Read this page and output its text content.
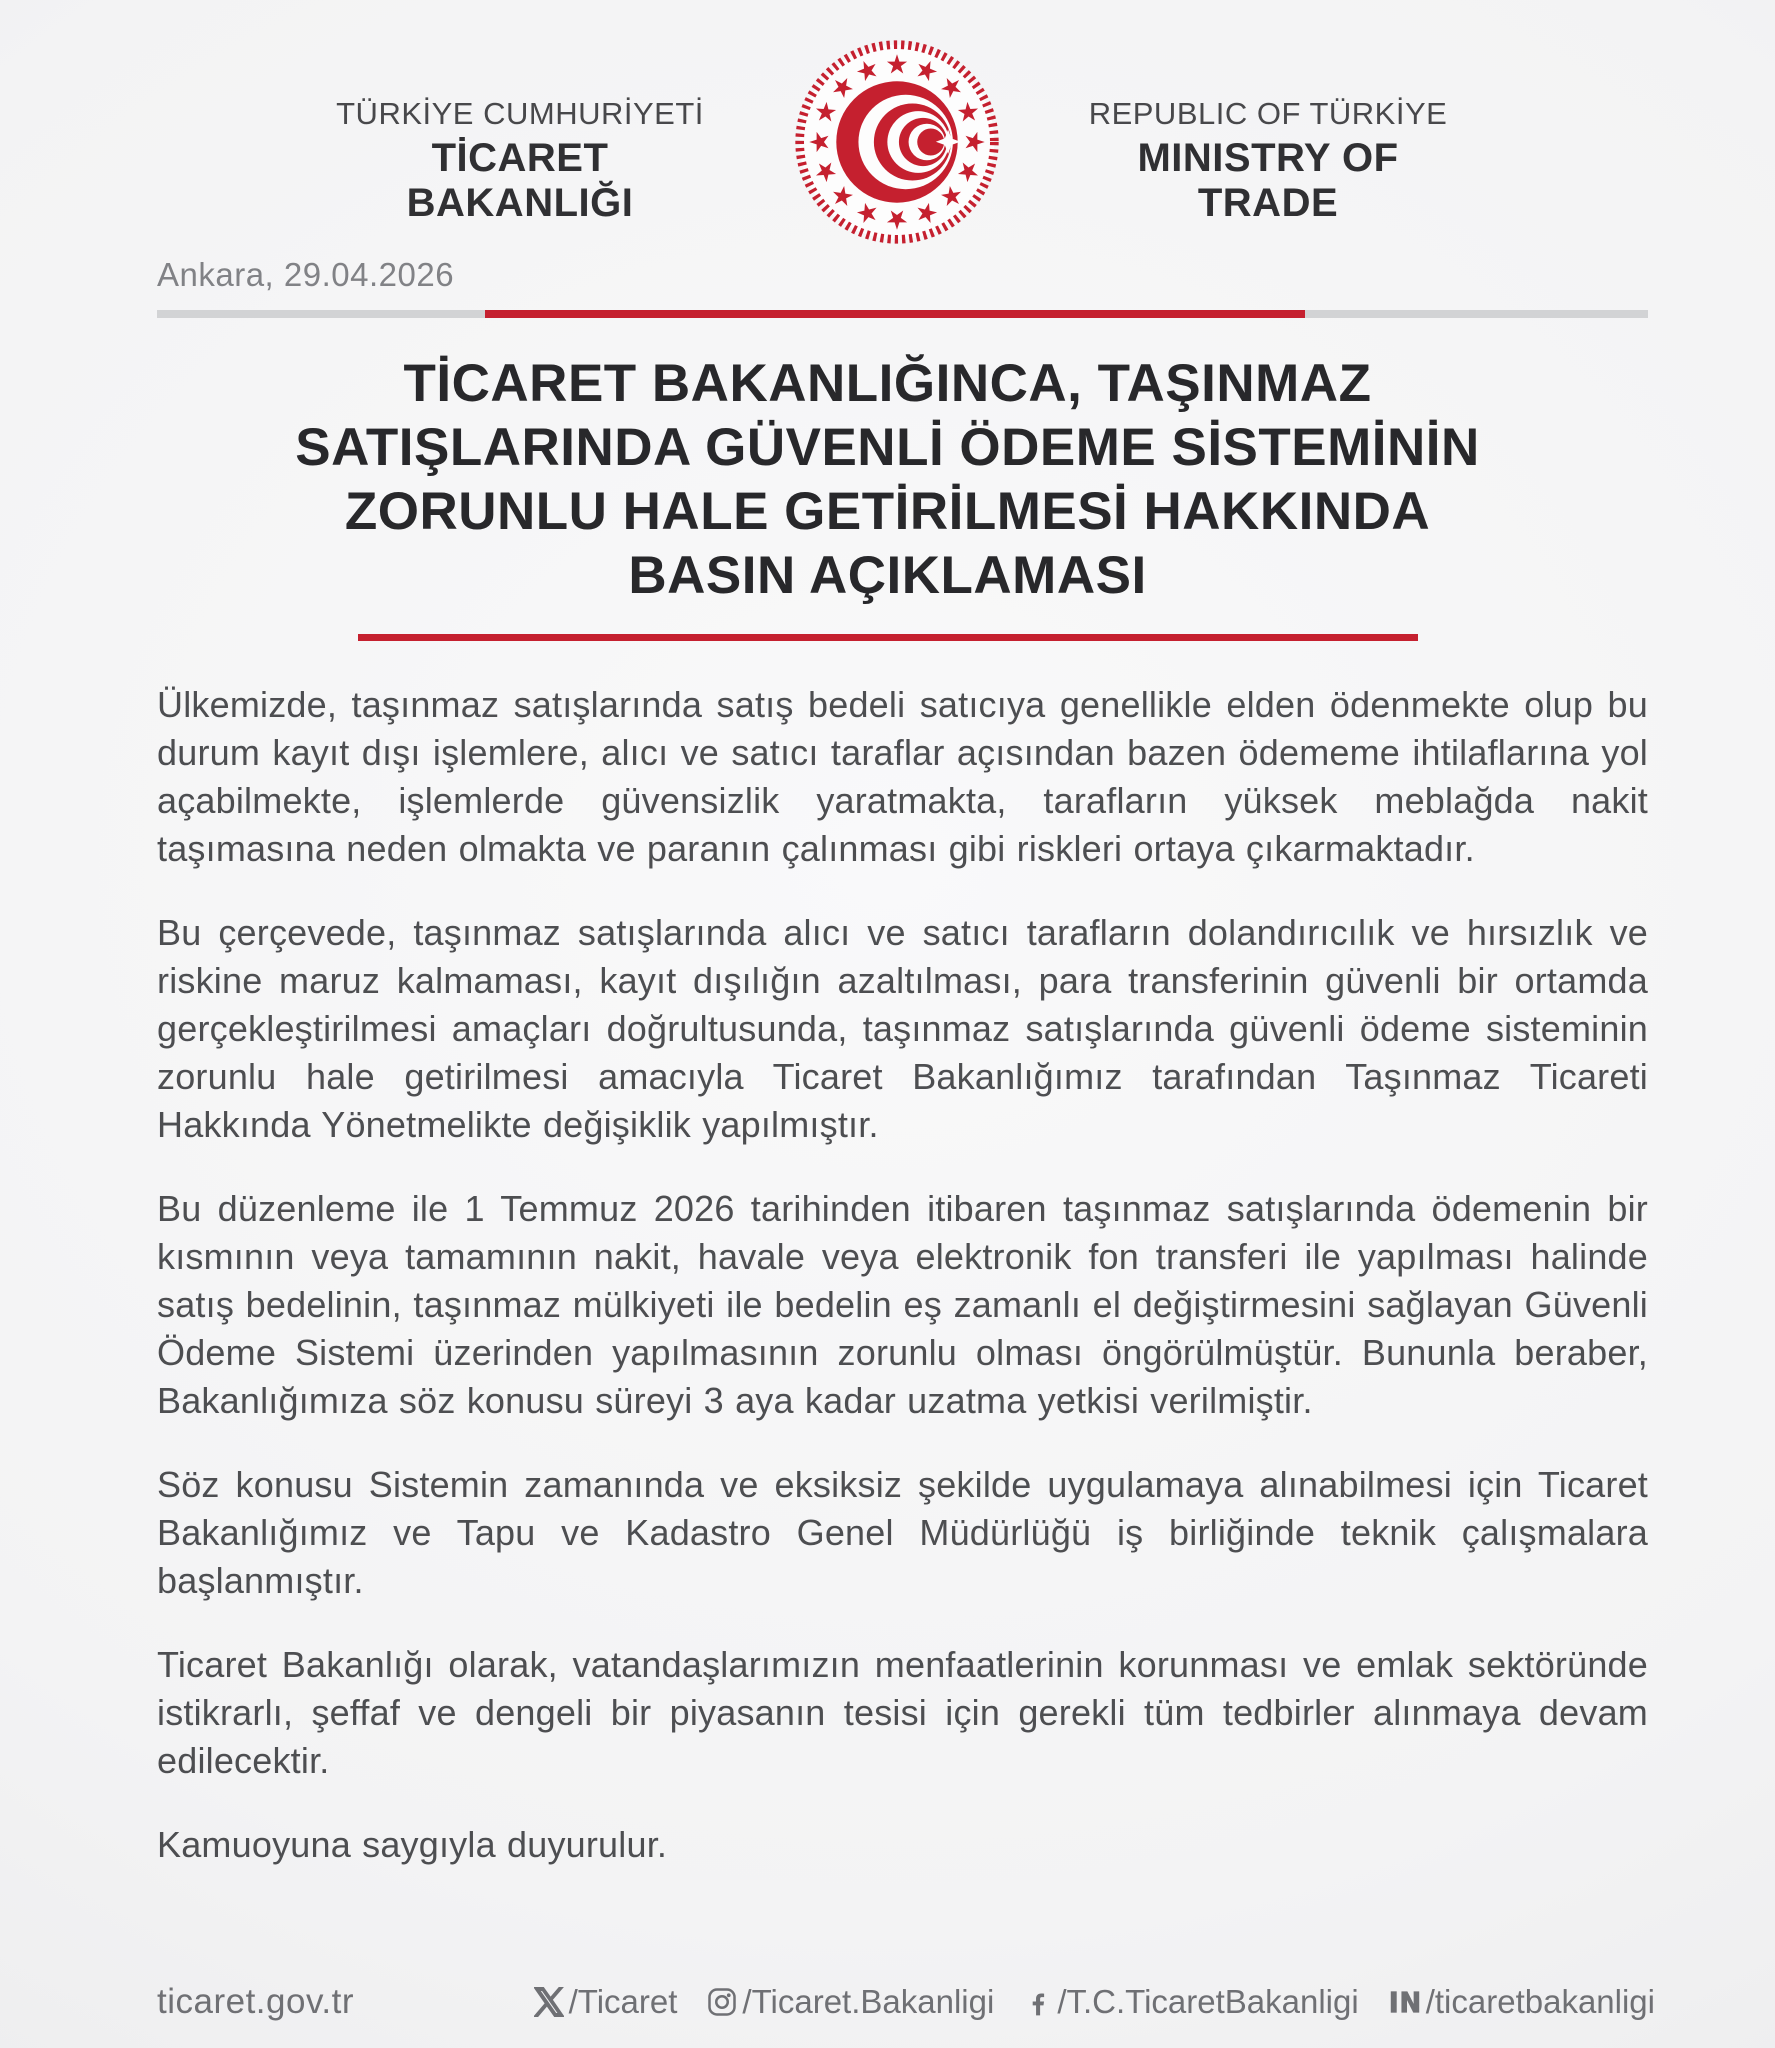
TÜRKİYE CUMHURİYETİ
TİCARET BAKANLIĞI
REPUBLIC OF TÜRKİYE
MINISTRY OF TRADE
Ankara, 29.04.2026
TİCARET BAKANLIĞINCA, TAŞINMAZ
SATIŞLARINDA GÜVENLİ ÖDEME SİSTEMİNİN
ZORUNLU HALE GETİRİLMESİ HAKKINDA
BASIN AÇIKLAMASI

Ülkemizde, taşınmaz satışlarında satış bedeli satıcıya genellikle elden ödenmekte olup bu durum kayıt dışı işlemlere, alıcı ve satıcı taraflar açısından bazen ödememe ihtilaflarına yol açabilmekte, işlemlerde güvensizlik yaratmakta, tarafların yüksek meblağda nakit taşımasına neden olmakta ve paranın çalınması gibi riskleri ortaya çıkarmaktadır.

Bu çerçevede, taşınmaz satışlarında alıcı ve satıcı tarafların dolandırıcılık ve hırsızlık ve riskine maruz kalmaması, kayıt dışılığın azaltılması, para transferinin güvenli bir ortamda gerçekleştirilmesi amaçları doğrultusunda, taşınmaz satışlarında güvenli ödeme sisteminin zorunlu hale getirilmesi amacıyla Ticaret Bakanlığımız tarafından Taşınmaz Ticareti Hakkında Yönetmelikte değişiklik yapılmıştır.

Bu düzenleme ile 1 Temmuz 2026 tarihinden itibaren taşınmaz satışlarında ödemenin bir kısmının veya tamamının nakit, havale veya elektronik fon transferi ile yapılması halinde satış bedelinin, taşınmaz mülkiyeti ile bedelin eş zamanlı el değiştirmesini sağlayan Güvenli Ödeme Sistemi üzerinden yapılmasının zorunlu olması öngörülmüştür. Bununla beraber, Bakanlığımıza söz konusu süreyi 3 aya kadar uzatma yetkisi verilmiştir.

Söz konusu Sistemin zamanında ve eksiksiz şekilde uygulamaya alınabilmesi için Ticaret Bakanlığımız ve Tapu ve Kadastro Genel Müdürlüğü iş birliğinde teknik çalışmalara başlanmıştır.

Ticaret Bakanlığı olarak, vatandaşlarımızın menfaatlerinin korunması ve emlak sektöründe istikrarlı, şeffaf ve dengeli bir piyasanın tesisi için gerekli tüm tedbirler alınmaya devam edilecektir.

Kamuoyuna saygıyla duyurulur.

ticaret.gov.tr	/Ticaret /Ticaret.Bakanligi /T.C.TicaretBakanligi /ticaretbakanligi
